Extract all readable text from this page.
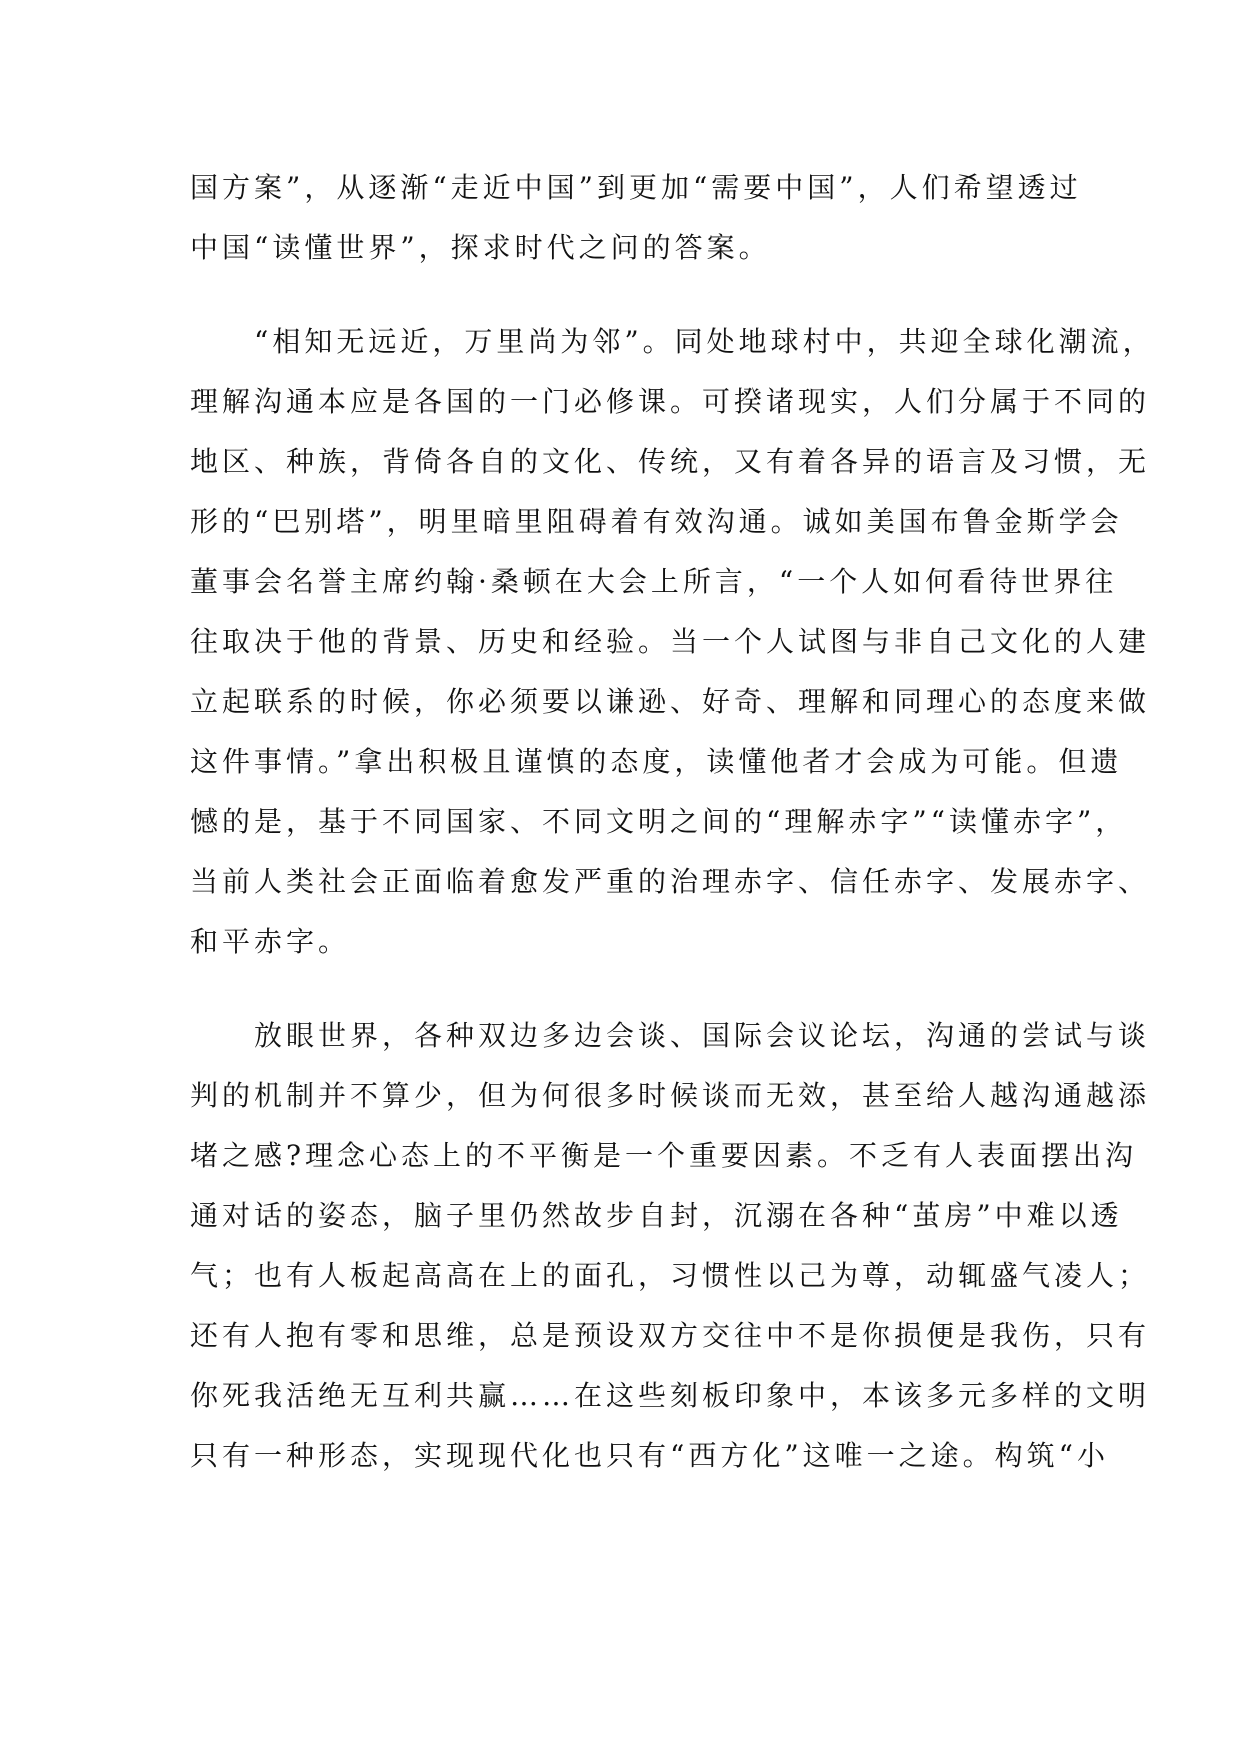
国方案”，从逐渐“走近中国”到更加“需要中国”，人们希望透过
中国“读懂世界”，探求时代之问的答案。
　　“相知无远近，万里尚为邻”。同处地球村中，共迎全球化潮流，
理解沟通本应是各国的一门必修课。可揆诸现实，人们分属于不同的
地区、种族，背倚各自的文化、传统，又有着各异的语言及习惯，无
形的“巴别塔”，明里暗里阻碍着有效沟通。诚如美国布鲁金斯学会
董事会名誉主席约翰·桑顿在大会上所言，“一个人如何看待世界往
往取决于他的背景、历史和经验。当一个人试图与非自己文化的人建
立起联系的时候，你必须要以谦逊、好奇、理解和同理心的态度来做
这件事情。”拿出积极且谨慎的态度，读懂他者才会成为可能。但遗
憾的是，基于不同国家、不同文明之间的“理解赤字”“读懂赤字”，
当前人类社会正面临着愈发严重的治理赤字、信任赤字、发展赤字、
和平赤字。
　　放眼世界，各种双边多边会谈、国际会议论坛，沟通的尝试与谈
判的机制并不算少，但为何很多时候谈而无效，甚至给人越沟通越添
堵之感?理念心态上的不平衡是一个重要因素。不乏有人表面摆出沟
通对话的姿态，脑子里仍然故步自封，沉溺在各种“茧房”中难以透
气；也有人板起高高在上的面孔，习惯性以己为尊，动辄盛气凌人；
还有人抱有零和思维，总是预设双方交往中不是你损便是我伤，只有
你死我活绝无互利共赢……在这些刻板印象中，本该多元多样的文明
只有一种形态，实现现代化也只有“西方化”这唯一之途。构筑“小
